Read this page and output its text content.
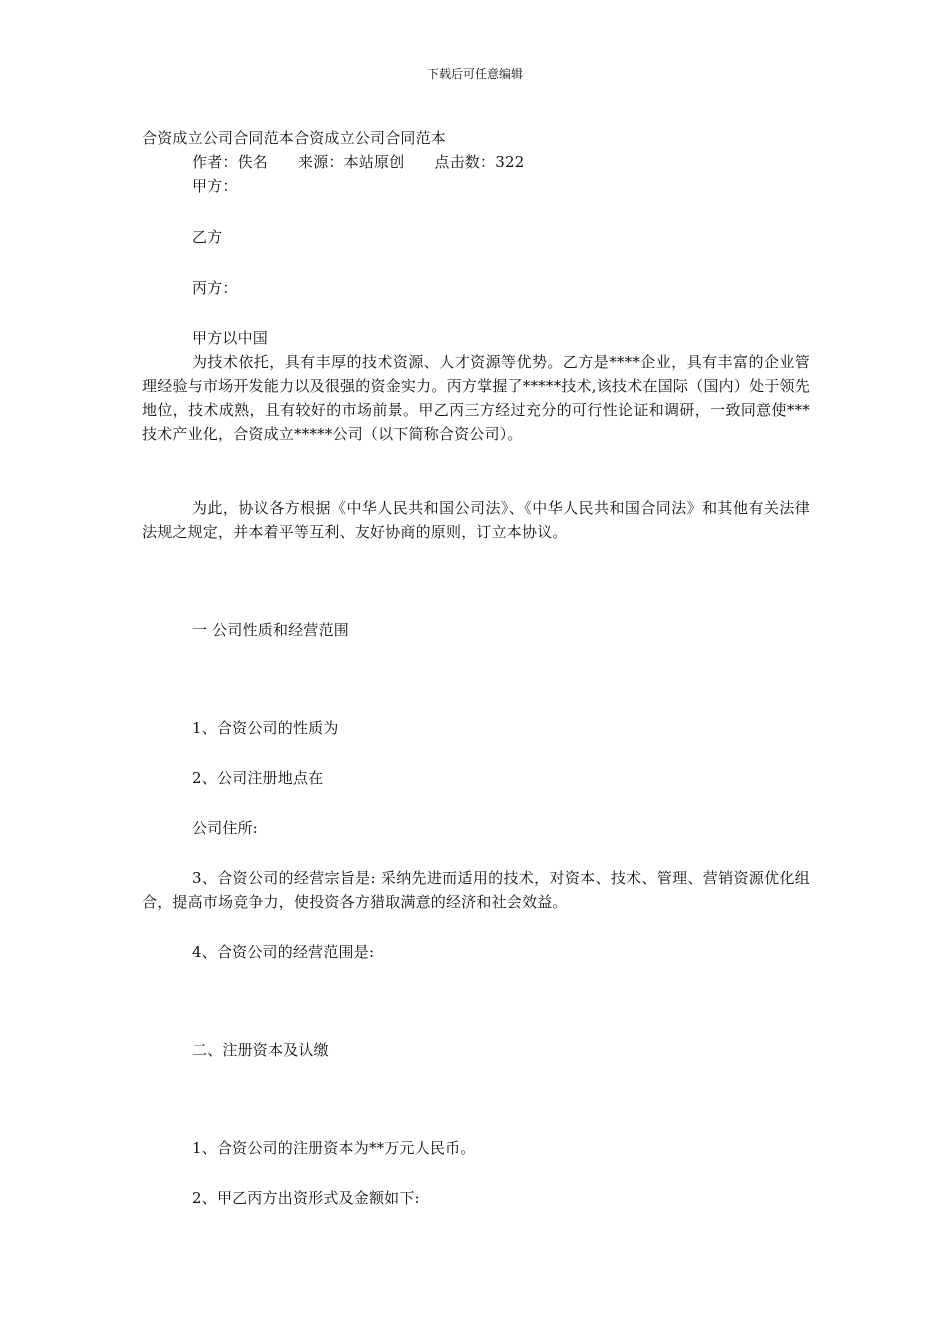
下载后可任意编辑

合资成立公司合同范本合资成立公司合同范本

作者：佚名 来源：本站原创 点击数：322

甲方：

乙方

丙方：

甲方以中国

为技术依托，具有丰厚的技术资源、人才资源等优势。乙方是****企业，具有丰富的企业管理经验与市场开发能力以及很强的资金实力。丙方掌握了*****技术,该技术在国际（国内）处于领先地位，技术成熟，且有较好的市场前景。甲乙丙三方经过充分的可行性论证和调研，一致同意使***技术产业化，合资成立*****公司（以下简称合资公司）。

为此，协议各方根据《中华人民共和国公司法》、《中华人民共和国合同法》和其他有关法律法规之规定，并本着平等互利、友好协商的原则，订立本协议。

一 公司性质和经营范围

1、合资公司的性质为

2、公司注册地点在

公司住所:

3、合资公司的经营宗旨是: 采纳先进而适用的技术，对资本、技术、管理、营销资源优化组合，提高市场竞争力，使投资各方猎取满意的经济和社会效益。

4、合资公司的经营范围是:

二、注册资本及认缴

1、合资公司的注册资本为**万元人民币。

2、甲乙丙方出资形式及金额如下:
